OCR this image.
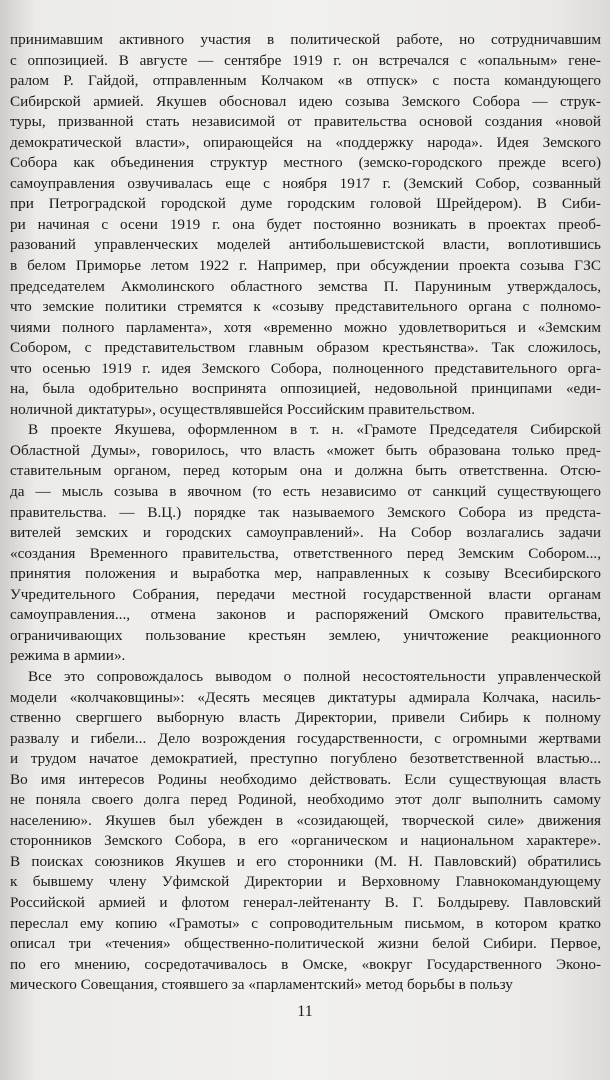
принимавшим активного участия в политической работе, но сотрудничавшим
с оппозицией. В августе — сентябре 1919 г. он встречался с «опальным» гене-
ралом Р. Гайдой, отправленным Колчаком «в отпуск» с поста командующего
Сибирской армией. Якушев обосновал идею созыва Земского Собора — струк-
туры, призванной стать независимой от правительства основой создания «новой
демократической власти», опирающейся на «поддержку народа». Идея Земского
Собора как объединения структур местного (земско-городского прежде всего)
самоуправления озвучивалась еще с ноября 1917 г. (Земский Собор, созванный
при Петроградской городской думе городским головой Шрейдером). В Сиби-
ри начиная с осени 1919 г. она будет постоянно возникать в проектах преоб-
разований управленческих моделей антибольшевистской власти, воплотившись
в белом Приморье летом 1922 г. Например, при обсуждении проекта созыва ГЗС
председателем Акмолинского областного земства П. Паруниным утверждалось,
что земские политики стремятся к «созыву представительного органа с полномо-
чиями полного парламента», хотя «временно можно удовлетвориться и «Земским
Собором, с представительством главным образом крестьянства». Так сложилось,
что осенью 1919 г. идея Земского Собора, полноценного представительного орга-
на, была одобрительно воспринята оппозицией, недовольной принципами «еди-
ноличной диктатуры», осуществлявшейся Российским правительством.

В проекте Якушева, оформленном в т. н. «Грамоте Председателя Сибирской
Областной Думы», говорилось, что власть «может быть образована только пред-
ставительным органом, перед которым она и должна быть ответственна. Отсю-
да — мысль созыва в явочном (то есть независимо от санкций существующего
правительства. — В.Ц.) порядке так называемого Земского Собора из предста-
вителей земских и городских самоуправлений». На Собор возлагались задачи
«создания Временного правительства, ответственного перед Земским Собором...,
принятия положения и выработка мер, направленных к созыву Всесибирского
Учредительного Собрания, передачи местной государственной власти органам
самоуправления..., отмена законов и распоряжений Омского правительства,
ограничивающих пользование крестьян землею, уничтожение реакционного
режима в армии».

Все это сопровождалось выводом о полной несостоятельности управленческой
модели «колчаковщины»: «Десять месяцев диктатуры адмирала Колчака, насиль-
ственно свергшего выборную власть Директории, привели Сибирь к полному
развалу и гибели... Дело возрождения государственности, с огромными жертвами
и трудом начатое демократией, преступно погублено безответственной властью...
Во имя интересов Родины необходимо действовать. Если существующая власть
не поняла своего долга перед Родиной, необходимо этот долг выполнить самому
населению». Якушев был убежден в «созидающей, творческой силе» движения
сторонников Земского Собора, в его «органическом и национальном характере».
В поисках союзников Якушев и его сторонники (М. Н. Павловский) обратились
к бывшему члену Уфимской Директории и Верховному Главнокомандующему
Российской армией и флотом генерал-лейтенанту В. Г. Болдыреву. Павловский
переслал ему копию «Грамоты» с сопроводительным письмом, в котором кратко
описал три «течения» общественно-политической жизни белой Сибири. Первое,
по его мнению, сосредотачивалось в Омске, «вокруг Государственного Эконо-
мического Совещания, стоявшего за «парламентский» метод борьбы в пользу

11
